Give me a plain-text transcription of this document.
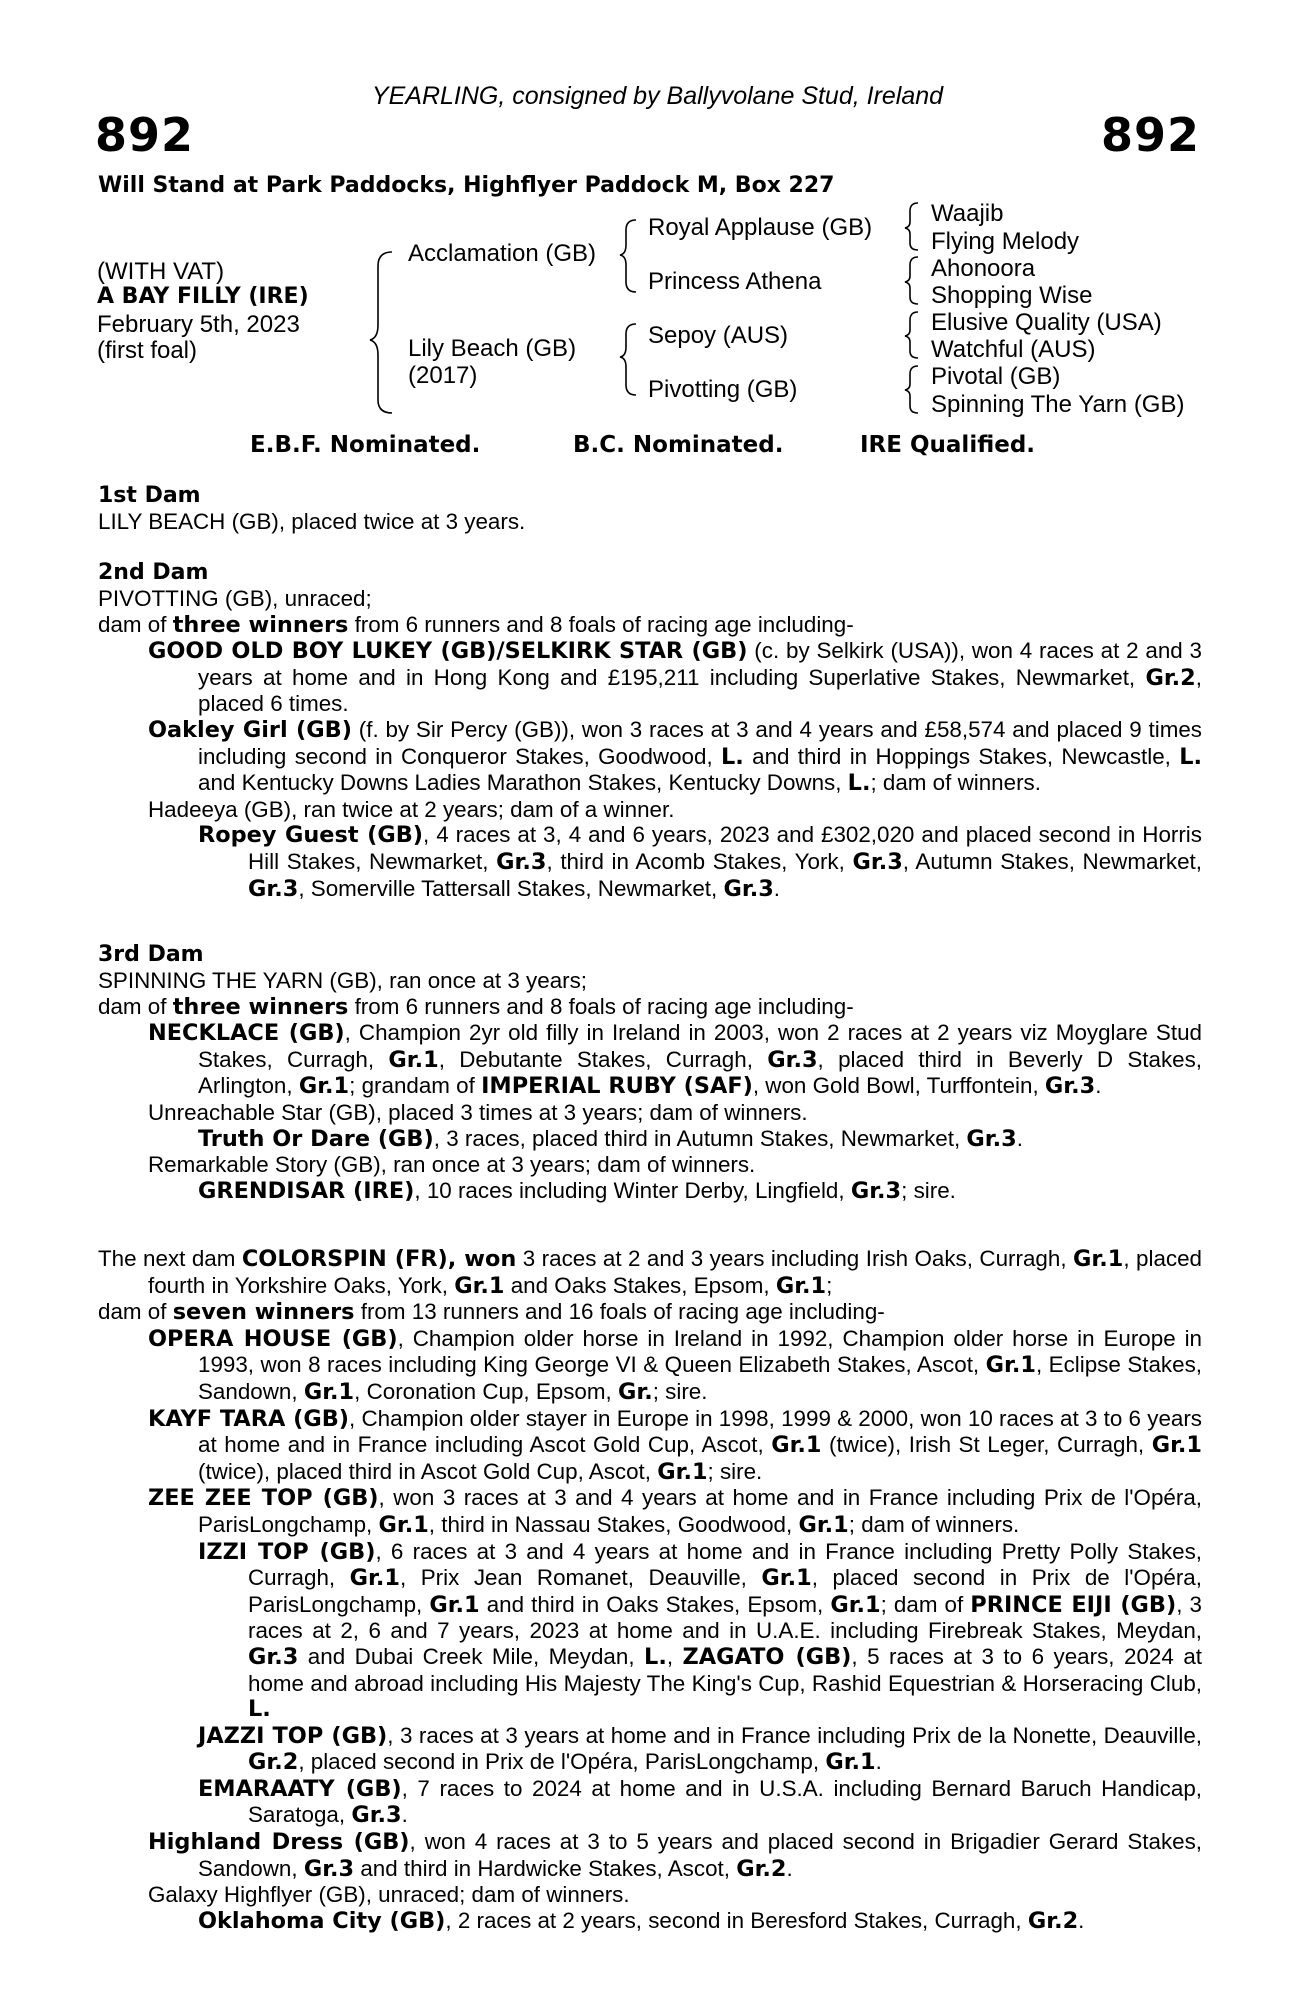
YEARLING, consigned by Ballyvolane Stud, Ireland
892	892
Will Stand at Park Paddocks, Highflyer Paddock M, Box 227
(WITH VAT)
A BAY FILLY (IRE)
February 5th, 2023
(first foal)
Acclamation (GB)
Lily Beach (GB)
(2017)
Royal Applause (GB)
Princess Athena
Sepoy (AUS)
Pivotting (GB)
Waajib
Flying Melody
Ahonoora
Shopping Wise
Elusive Quality (USA)
Watchful (AUS)
Pivotal (GB)
Spinning The Yarn (GB)
E.B.F. Nominated.	B.C. Nominated.	IRE Qualified.
1st Dam

LILY BEACH (GB), placed twice at 3 years.

2nd Dam

PIVOTTING (GB), unraced;

dam of three winners from 6 runners and 8 foals of racing age including-

GOOD OLD BOY LUKEY (GB)/SELKIRK STAR (GB) (c. by Selkirk (USA)), won 4 races at 2 and 3 years at home and in Hong Kong and £195,211 including Superlative Stakes, Newmarket, Gr.2, placed 6 times.

Oakley Girl (GB) (f. by Sir Percy (GB)), won 3 races at 3 and 4 years and £58,574 and placed 9 times including second in Conqueror Stakes, Goodwood, L. and third in Hoppings Stakes, Newcastle, L. and Kentucky Downs Ladies Marathon Stakes, Kentucky Downs, L.; dam of winners.

Hadeeya (GB), ran twice at 2 years; dam of a winner.

Ropey Guest (GB), 4 races at 3, 4 and 6 years, 2023 and £302,020 and placed second in Horris Hill Stakes, Newmarket, Gr.3, third in Acomb Stakes, York, Gr.3, Autumn Stakes, Newmarket, Gr.3, Somerville Tattersall Stakes, Newmarket, Gr.3.

3rd Dam

SPINNING THE YARN (GB), ran once at 3 years;

dam of three winners from 6 runners and 8 foals of racing age including-

NECKLACE (GB), Champion 2yr old filly in Ireland in 2003, won 2 races at 2 years viz Moyglare Stud Stakes, Curragh, Gr.1, Debutante Stakes, Curragh, Gr.3, placed third in Beverly D Stakes, Arlington, Gr.1; grandam of IMPERIAL RUBY (SAF), won Gold Bowl, Turffontein, Gr.3.

Unreachable Star (GB), placed 3 times at 3 years; dam of winners.

Truth Or Dare (GB), 3 races, placed third in Autumn Stakes, Newmarket, Gr.3.

Remarkable Story (GB), ran once at 3 years; dam of winners.

GRENDISAR (IRE), 10 races including Winter Derby, Lingfield, Gr.3; sire.

The next dam COLORSPIN (FR), won 3 races at 2 and 3 years including Irish Oaks, Curragh, Gr.1, placed fourth in Yorkshire Oaks, York, Gr.1 and Oaks Stakes, Epsom, Gr.1;

dam of seven winners from 13 runners and 16 foals of racing age including-

OPERA HOUSE (GB), Champion older horse in Ireland in 1992, Champion older horse in Europe in 1993, won 8 races including King George VI & Queen Elizabeth Stakes, Ascot, Gr.1, Eclipse Stakes, Sandown, Gr.1, Coronation Cup, Epsom, Gr.; sire.

KAYF TARA (GB), Champion older stayer in Europe in 1998, 1999 & 2000, won 10 races at 3 to 6 years at home and in France including Ascot Gold Cup, Ascot, Gr.1 (twice), Irish St Leger, Curragh, Gr.1 (twice), placed third in Ascot Gold Cup, Ascot, Gr.1; sire.

ZEE ZEE TOP (GB), won 3 races at 3 and 4 years at home and in France including Prix de l'Opéra, ParisLongchamp, Gr.1, third in Nassau Stakes, Goodwood, Gr.1; dam of winners.

IZZI TOP (GB), 6 races at 3 and 4 years at home and in France including Pretty Polly Stakes, Curragh, Gr.1, Prix Jean Romanet, Deauville, Gr.1, placed second in Prix de l'Opéra, ParisLongchamp, Gr.1 and third in Oaks Stakes, Epsom, Gr.1; dam of PRINCE EIJI (GB), 3 races at 2, 6 and 7 years, 2023 at home and in U.A.E. including Firebreak Stakes, Meydan, Gr.3 and Dubai Creek Mile, Meydan, L., ZAGATO (GB), 5 races at 3 to 6 years, 2024 at home and abroad including His Majesty The King's Cup, Rashid Equestrian & Horseracing Club, L.

JAZZI TOP (GB), 3 races at 3 years at home and in France including Prix de la Nonette, Deauville, Gr.2, placed second in Prix de l'Opéra, ParisLongchamp, Gr.1.

EMARAATY (GB), 7 races to 2024 at home and in U.S.A. including Bernard Baruch Handicap, Saratoga, Gr.3.

Highland Dress (GB), won 4 races at 3 to 5 years and placed second in Brigadier Gerard Stakes, Sandown, Gr.3 and third in Hardwicke Stakes, Ascot, Gr.2.

Galaxy Highflyer (GB), unraced; dam of winners.

Oklahoma City (GB), 2 races at 2 years, second in Beresford Stakes, Curragh, Gr.2.
